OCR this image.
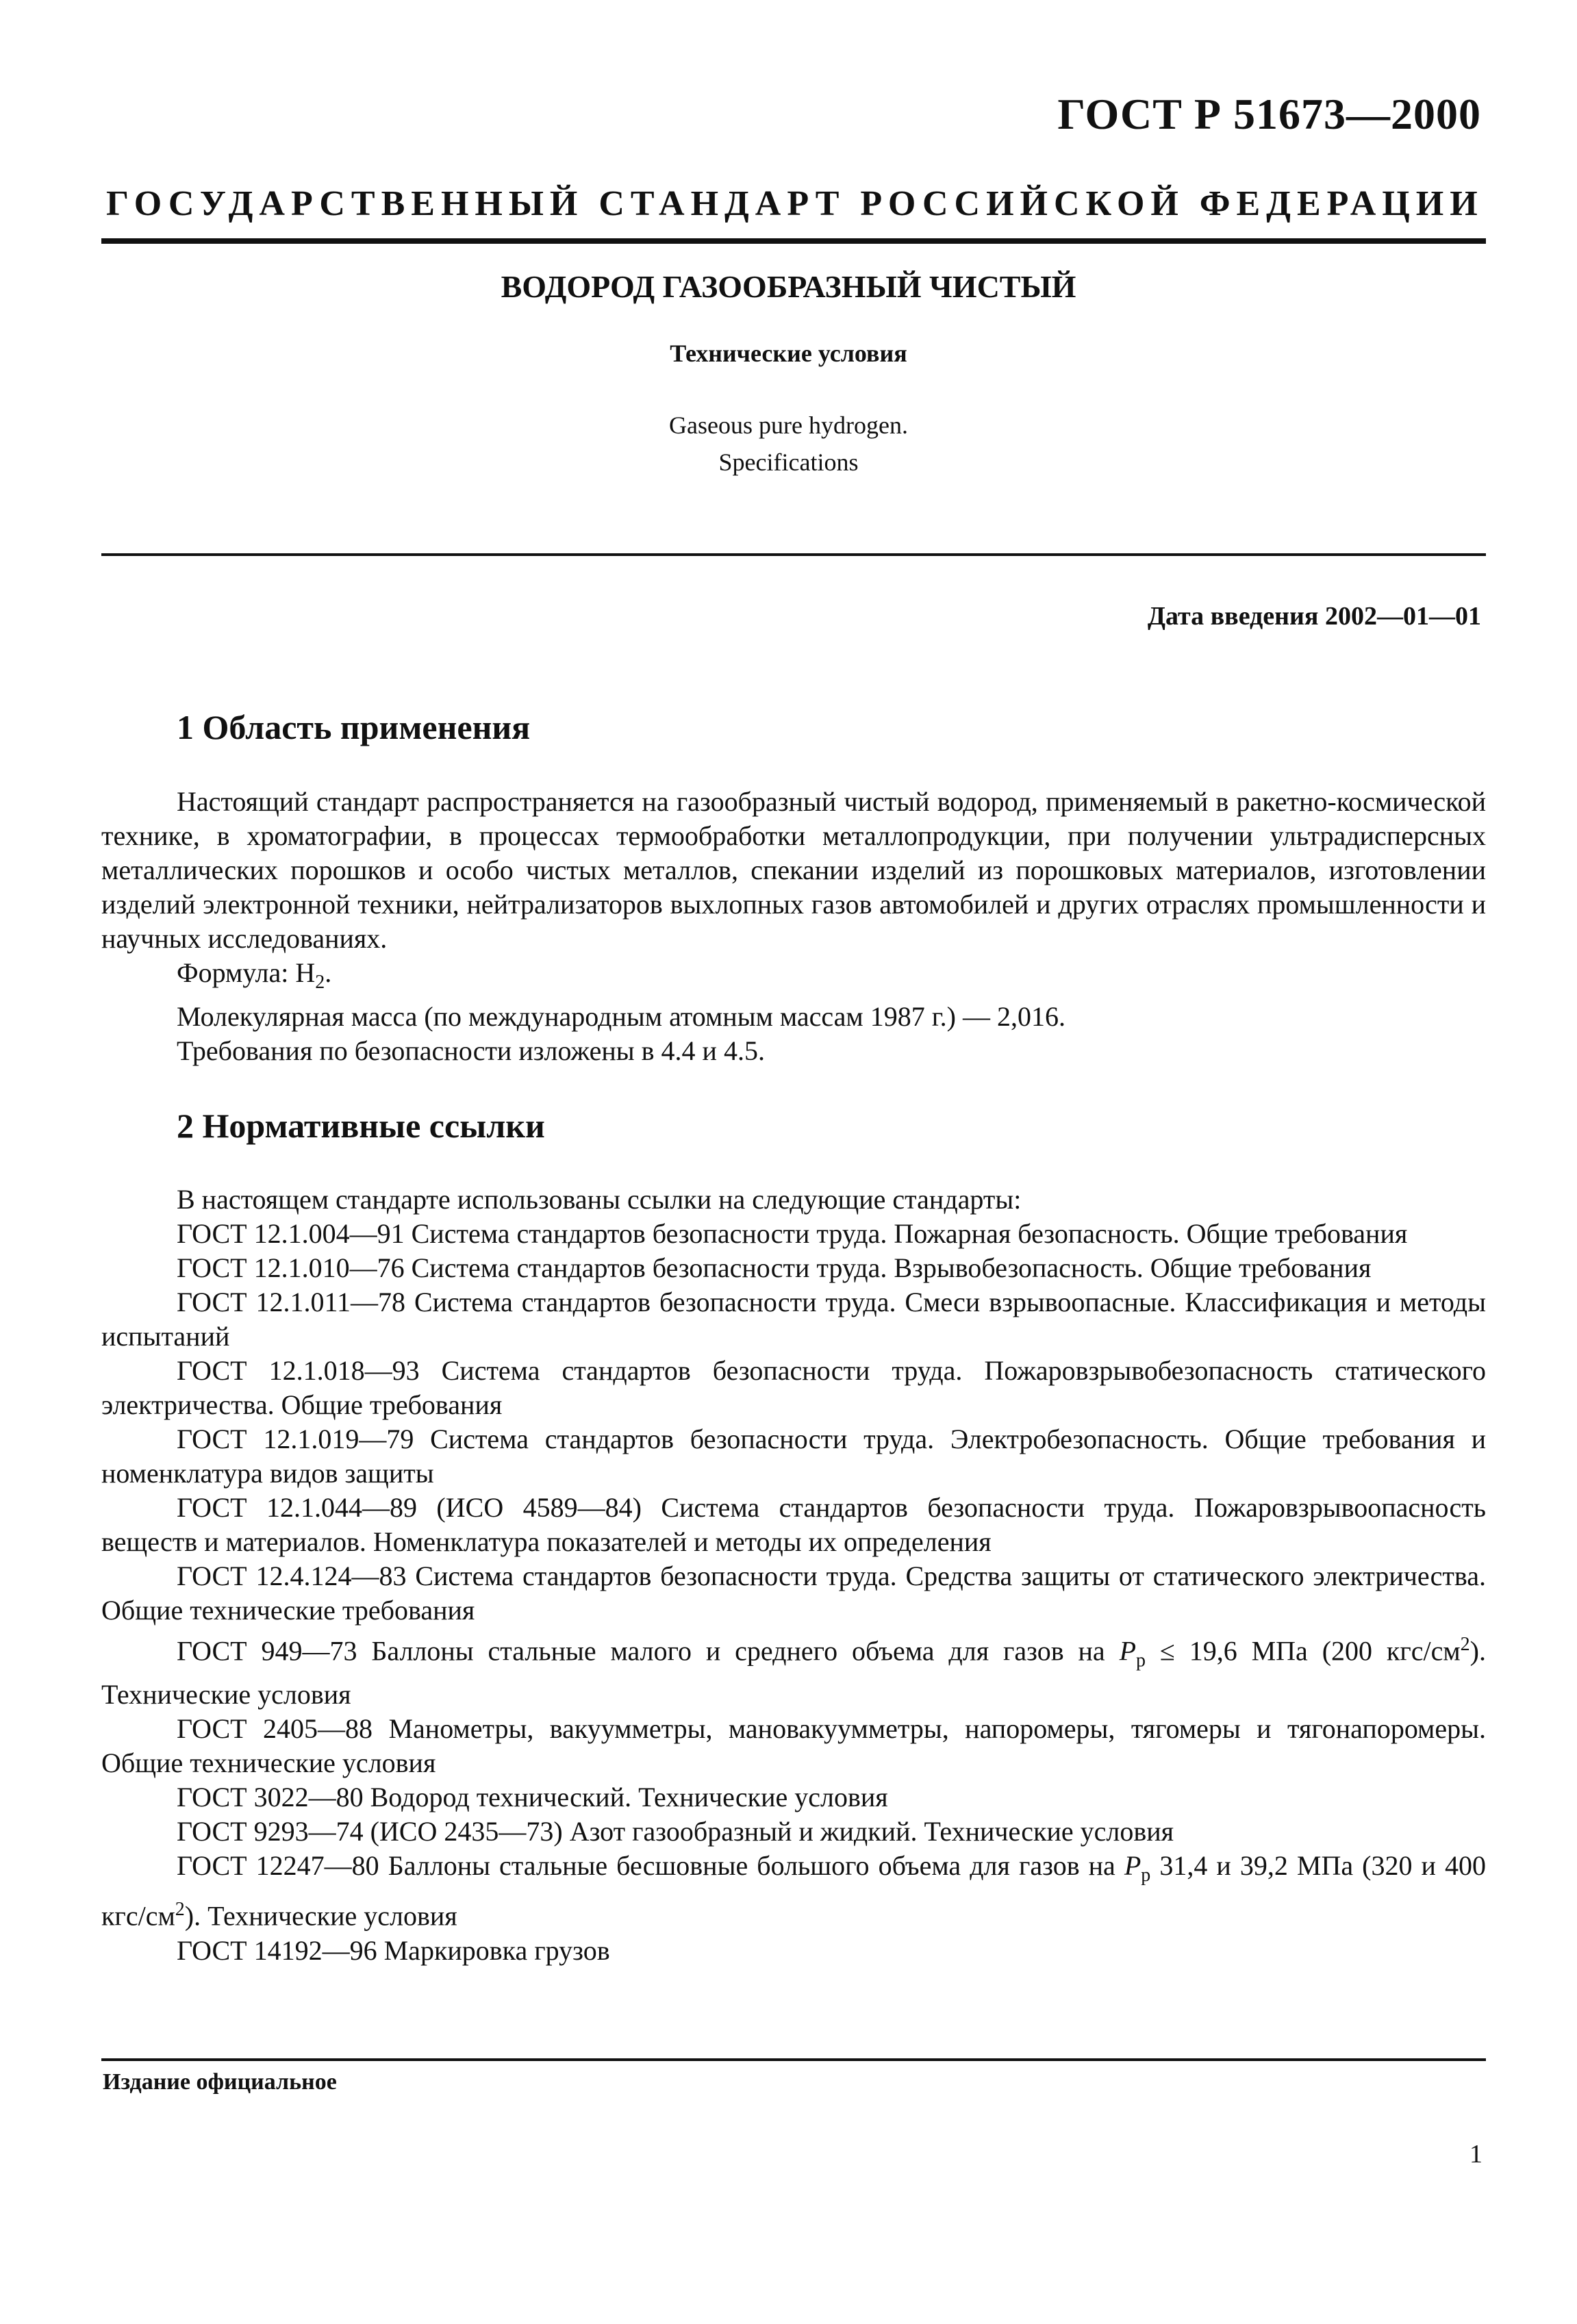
ГОСТ Р 51673—2000
ГОСУДАРСТВЕННЫЙ СТАНДАРТ РОССИЙСКОЙ ФЕДЕРАЦИИ
ВОДОРОД ГАЗООБРАЗНЫЙ ЧИСТЫЙ
Технические условия
Gaseous pure hydrogen.
Specifications
Дата введения 2002—01—01
1 Область применения

Настоящий стандарт распространяется на газообразный чистый водород, применяемый в ракетно-космической технике, в хроматографии, в процессах термообработки металлопродукции, при получении ультрадисперсных металлических порошков и особо чистых металлов, спекании изделий из порошковых материалов, изготовлении изделий электронной техники, нейтрализаторов выхлопных газов автомобилей и других отраслях промышленности и научных исследованиях.

Формула: $H_2$.

Молекулярная масса (по международным атомным массам 1987 г.) — 2,016.

Требования по безопасности изложены в 4.4 и 4.5.

2 Нормативные ссылки

В настоящем стандарте использованы ссылки на следующие стандарты:

ГОСТ 12.1.004—91 Система стандартов безопасности труда. Пожарная безопасность. Общие требования

ГОСТ 12.1.010—76 Система стандартов безопасности труда. Взрывобезопасность. Общие требования

ГОСТ 12.1.011—78 Система стандартов безопасности труда. Смеси взрывоопасные. Классификация и методы испытаний

ГОСТ 12.1.018—93 Система стандартов безопасности труда. Пожаровзрывобезопасность статического электричества. Общие требования

ГОСТ 12.1.019—79 Система стандартов безопасности труда. Электробезопасность. Общие требования и номенклатура видов защиты

ГОСТ 12.1.044—89 (ИСО 4589—84) Система стандартов безопасности труда. Пожаровзрывоопасность веществ и материалов. Номенклатура показателей и методы их определения

ГОСТ 12.4.124—83 Система стандартов безопасности труда. Средства защиты от статического электричества. Общие технические требования

ГОСТ 949—73 Баллоны стальные малого и среднего объема для газов на $P_р \le 19,6$ МПа (200 кгс/$см^2$). Технические условия

ГОСТ 2405—88 Манометры, вакуумметры, мановакуумметры, напоромеры, тягомеры и тягонапоромеры. Общие технические условия

ГОСТ 3022—80 Водород технический. Технические условия

ГОСТ 9293—74 (ИСО 2435—73) Азот газообразный и жидкий. Технические условия

ГОСТ 12247—80 Баллоны стальные бесшовные большого объема для газов на $P_р$ 31,4 и 39,2 МПа (320 и 400 кгс/$см^2$). Технические условия

ГОСТ 14192—96 Маркировка грузов

Издание официальное
1
